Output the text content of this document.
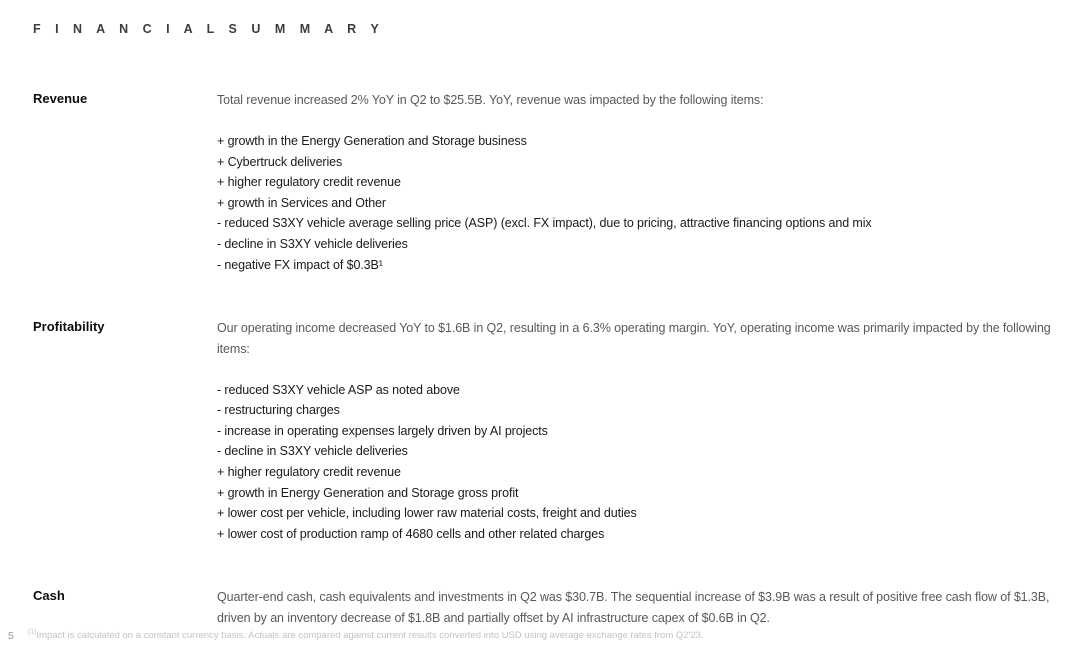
F I N A N C I A L S U M M A R Y
Revenue	Total revenue increased 2% YoY in Q2 to $25.5B. YoY, revenue was impacted by the following items:
+ growth in the Energy Generation and Storage business
+ Cybertruck deliveries
+ higher regulatory credit revenue
+ growth in Services and Other
- reduced S3XY vehicle average selling price (ASP) (excl. FX impact), due to pricing, attractive financing options and mix
- decline in S3XY vehicle deliveries
- negative FX impact of $0.3B¹
Profitability	Our operating income decreased YoY to $1.6B in Q2, resulting in a 6.3% operating margin. YoY, operating income was primarily impacted by the following items:
- reduced S3XY vehicle ASP as noted above
- restructuring charges
- increase in operating expenses largely driven by AI projects
- decline in S3XY vehicle deliveries
+ higher regulatory credit revenue
+ growth in Energy Generation and Storage gross profit
+ lower cost per vehicle, including lower raw material costs, freight and duties
+ lower cost of production ramp of 4680 cells and other related charges
Cash	Quarter-end cash, cash equivalents and investments in Q2 was $30.7B. The sequential increase of $3.9B was a result of positive free cash flow of $1.3B, driven by an inventory decrease of $1.8B and partially offset by AI infrastructure capex of $0.6B in Q2.
5 $^{(1)}$Impact is calculated on a constant currency basis. Actuals are compared against current results converted into USD using average exchange rates from Q2'23.
